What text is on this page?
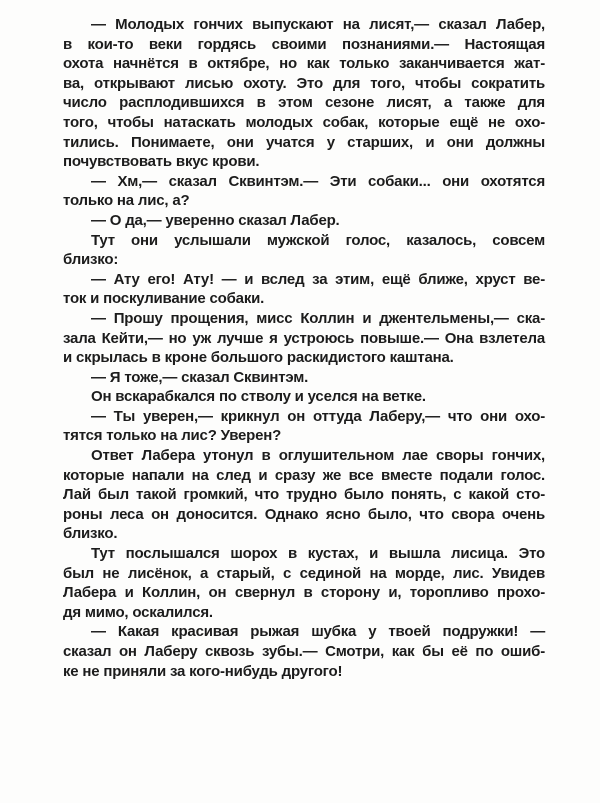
— Молодых гончих выпускают на лисят,— сказал Лабер,
в кои-то веки гордясь своими познаниями.— Настоящая
охота начнётся в октябре, но как только заканчивается жат-
ва, открывают лисью охоту. Это для того, чтобы сократить
число расплодившихся в этом сезоне лисят, а также для
того, чтобы натаскать молодых собак, которые ещё не охо-
тились. Понимаете, они учатся у старших, и они должны
почувствовать вкус крови.
— Хм,— сказал Сквинтэм.— Эти собаки... они охотятся
только на лис, а?
— О да,— уверенно сказал Лабер.
Тут они услышали мужской голос, казалось, совсем
близко:
— Ату его! Ату! — и вслед за этим, ещё ближе, хруст ве-
ток и поскуливание собаки.
— Прошу прощения, мисс Коллин и джентельмены,— ска-
зала Кейти,— но уж лучше я устроюсь повыше.— Она взлетела
и скрылась в кроне большого раскидистого каштана.
— Я тоже,— сказал Сквинтэм.
Он вскарабкался по стволу и уселся на ветке.
— Ты уверен,— крикнул он оттуда Лаберу,— что они охо-
тятся только на лис? Уверен?
Ответ Лабера утонул в оглушительном лае своры гончих,
которые напали на след и сразу же все вместе подали голос.
Лай был такой громкий, что трудно было понять, с какой сто-
роны леса он доносится. Однако ясно было, что свора очень
близко.
Тут послышался шорох в кустах, и вышла лисица. Это
был не лисёнок, а старый, с сединой на морде, лис. Увидев
Лабера и Коллин, он свернул в сторону и, торопливо прохо-
дя мимо, оскалился.
— Какая красивая рыжая шубка у твоей подружки! —
сказал он Лаберу сквозь зубы.— Смотри, как бы её по ошиб-
ке не приняли за кого-нибудь другого!
